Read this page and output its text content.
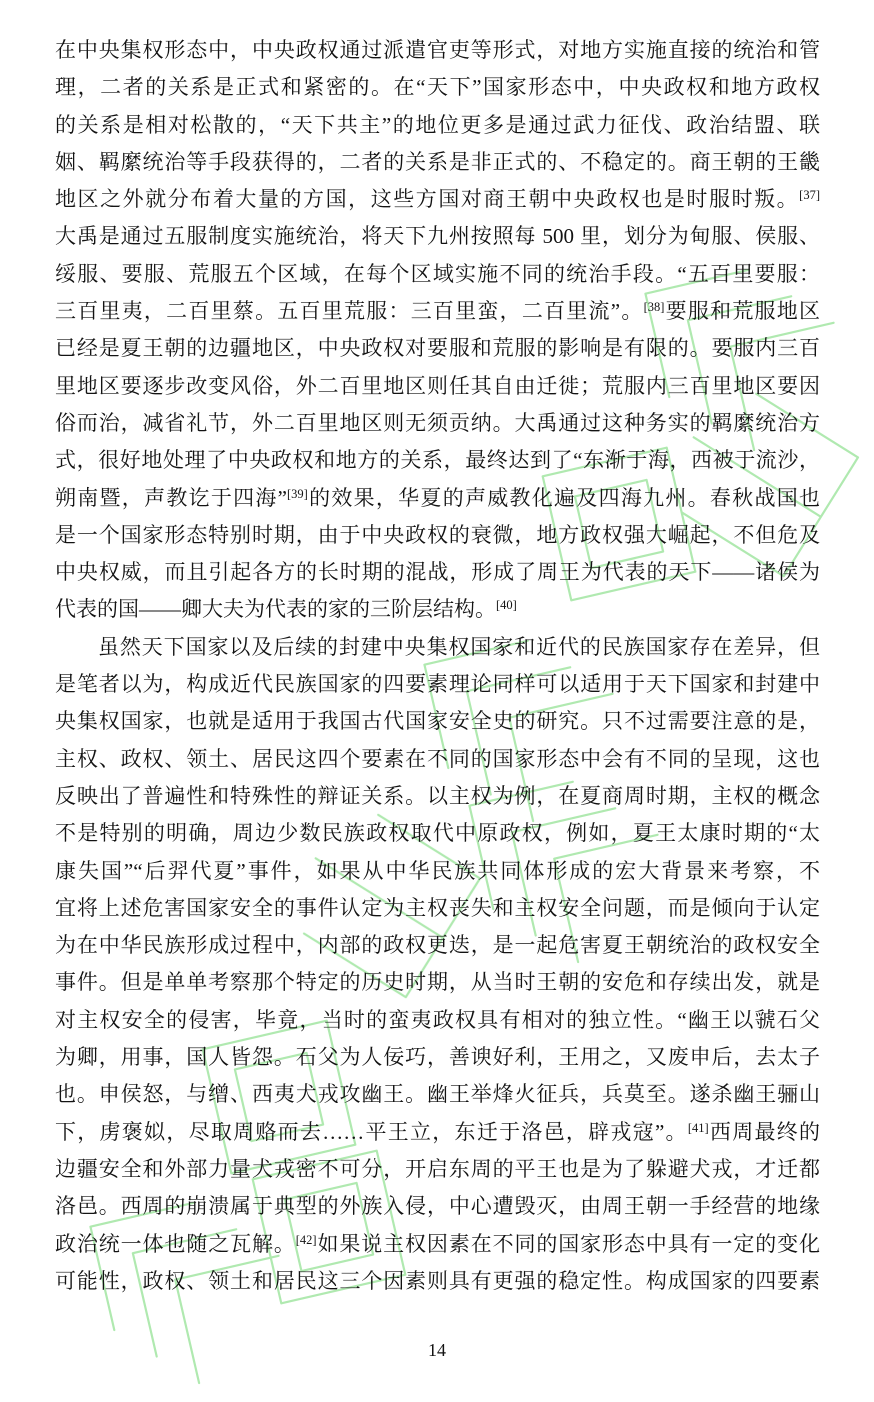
在中央集权形态中，中央政权通过派遣官吏等形式，对地方实施直接的统治和管
理，二者的关系是正式和紧密的。在“天下”国家形态中，中央政权和地方政权
的关系是相对松散的，“天下共主”的地位更多是通过武力征伐、政治结盟、联
姻、羁縻统治等手段获得的，二者的关系是非正式的、不稳定的。商王朝的王畿
地区之外就分布着大量的方国，这些方国对商王朝中央政权也是时服时叛。[37]
大禹是通过五服制度实施统治，将天下九州按照每 500 里，划分为甸服、侯服、
绥服、要服、荒服五个区域，在每个区域实施不同的统治手段。“五百里要服：
三百里夷，二百里蔡。五百里荒服：三百里蛮，二百里流”。[38]要服和荒服地区
已经是夏王朝的边疆地区，中央政权对要服和荒服的影响是有限的。要服内三百
里地区要逐步改变风俗，外二百里地区则任其自由迁徙；荒服内三百里地区要因
俗而治，减省礼节，外二百里地区则无须贡纳。大禹通过这种务实的羁縻统治方
式，很好地处理了中央政权和地方的关系，最终达到了“东渐于海，西被于流沙，
朔南暨，声教讫于四海”[39]的效果，华夏的声威教化遍及四海九州。春秋战国也
是一个国家形态特别时期，由于中央政权的衰微，地方政权强大崛起，不但危及
中央权威，而且引起各方的长时期的混战，形成了周王为代表的天下——诸侯为
代表的国——卿大夫为代表的家的三阶层结构。[40]
虽然天下国家以及后续的封建中央集权国家和近代的民族国家存在差异，但
是笔者以为，构成近代民族国家的四要素理论同样可以适用于天下国家和封建中
央集权国家，也就是适用于我国古代国家安全史的研究。只不过需要注意的是，
主权、政权、领土、居民这四个要素在不同的国家形态中会有不同的呈现，这也
反映出了普遍性和特殊性的辩证关系。以主权为例，在夏商周时期，主权的概念
不是特别的明确，周边少数民族政权取代中原政权，例如，夏王太康时期的“太
康失国”“后羿代夏”事件，如果从中华民族共同体形成的宏大背景来考察，不
宜将上述危害国家安全的事件认定为主权丧失和主权安全问题，而是倾向于认定
为在中华民族形成过程中，内部的政权更迭，是一起危害夏王朝统治的政权安全
事件。但是单单考察那个特定的历史时期，从当时王朝的安危和存续出发，就是
对主权安全的侵害，毕竟，当时的蛮夷政权具有相对的独立性。“幽王以虢石父
为卿，用事，国人皆怨。石父为人佞巧，善谀好利，王用之，又废申后，去太子
也。申侯怒，与缯、西夷犬戎攻幽王。幽王举烽火征兵，兵莫至。遂杀幽王骊山
下，虏褒姒，尽取周赂而去……平王立，东迁于洛邑，辟戎寇”。[41]西周最终的
边疆安全和外部力量犬戎密不可分，开启东周的平王也是为了躲避犬戎，才迁都
洛邑。西周的崩溃属于典型的外族入侵，中心遭毁灭，由周王朝一手经营的地缘
政治统一体也随之瓦解。[42]如果说主权因素在不同的国家形态中具有一定的变化
可能性，政权、领土和居民这三个因素则具有更强的稳定性。构成国家的四要素
14
